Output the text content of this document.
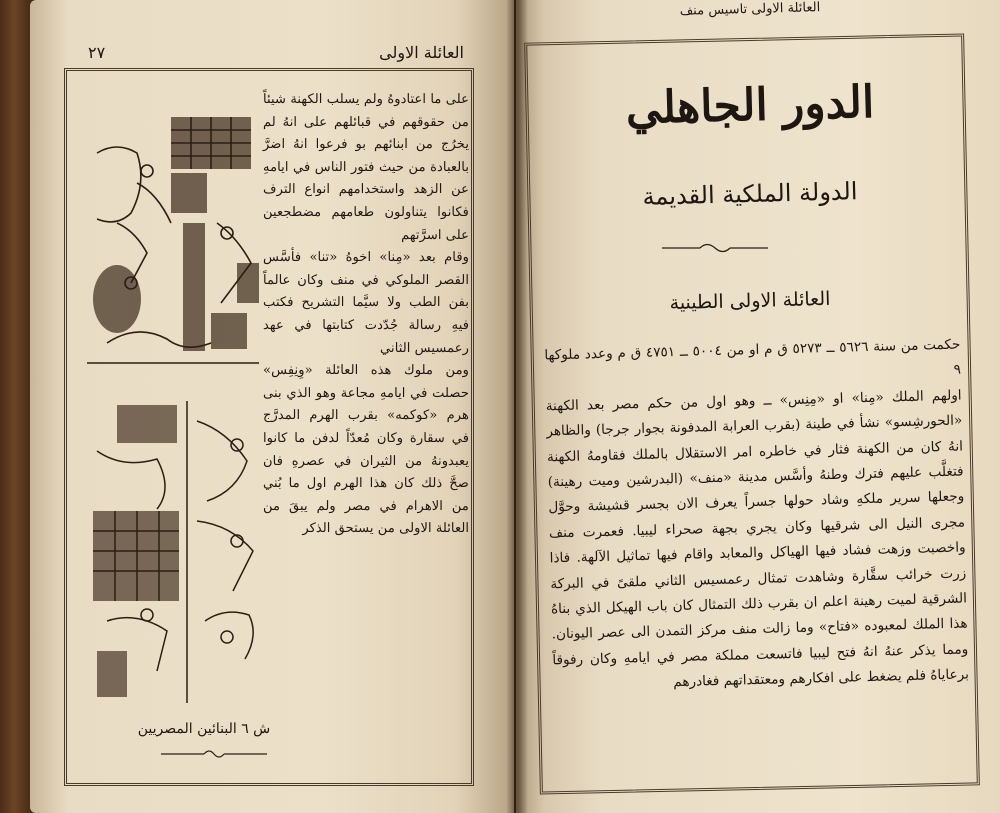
٢٧	العائلة الاولى

على ما اعتادوهُ ولم يسلب الكهنة شيئاً من حقوقهم في قبائلهم على انهُ لم يخرُج من ابنائهم بو فرعوا انهُ اضرَّ بالعبادة من حيث فتور الناس في ايامهِ عن الزهد واستخدامهم انواع الترف فكانوا يتناولون طعامهم مضطجعين على اسرَّتهم

وقام بعد «مِنا» اخوهُ «تنا» فأسَّس القصر الملوكي في منف وكان عالماً بفن الطب ولا سيَّما التشريح فكتب فيهِ رسالة جُدّدت كتابتها في عهد رعمسيس الثاني

ومن ملوك هذه العائلة «وِنِفِس» حصلت في ايامهِ مجاعة وهو الذي بنى هرم «كوكمه» بقرب الهرم المدرَّج في سقارة وكان مُعدّاً لدفن ما كانوا يعبدونهُ من الثيران في عصرهِ فان صحَّ ذلك كان هذا الهرم اول ما بُني من الاهرام في مصر ولم يبقَ من العائلة الاولى من يستحق الذكر

ش ٦ البنائين المصريين
العائلة الاولى تاسيس منف
الدور الجاهلي
الدولة الملكية القديمة
العائلة الاولى الطينية

حكمت من سنة ٥٦٢٦ ــ ٥٢٧٣ ق م او من ٥٠٠٤ ــ ٤٧٥١ ق م وعدد ملوكها ٩

اولهم الملك «مِنا» او «مِنِس» ــ وهو اول من حكم مصر بعد الكهنة «الحورشِسو» نشأ في طينة (بقرب العرابة المدفونة بجوار جرجا) والظاهر انهُ كان من الكهنة فثار في خاطره امر الاستقلال بالملك فقاومهُ الكهنة فتغلَّب عليهم فترك وطنهُ وأسَّس مدينة «منف» (البدرشين وميت رهينة) وجعلها سرير ملكهِ وشاد حولها جسراً يعرف الان بجسر قشيشة وحوَّل مجرى النيل الى شرقيها وكان يجري بجهة صحراء ليبيا. فعمرت منف واخصبت وزهت فشاد فيها الهياكل والمعابد واقام فيها تماثيل الآلهة. فاذا زرت خرائب سقَّارة وشاهدت تمثال رعمسيس الثاني ملقىً في البركة الشرقية لميت رهينة اعلم ان بقرب ذلك التمثال كان باب الهيكل الذي بناهُ هذا الملك لمعبوده «فتاح» وما زالت منف مركز التمدن الى عصر اليونان. ومما يذكر عنهُ انهُ فتح ليبيا فاتسعت مملكة مصر في ايامهِ وكان رفوقاً برعاياهُ فلم يضغط على افكارهم ومعتقداتهم فغادرهم
